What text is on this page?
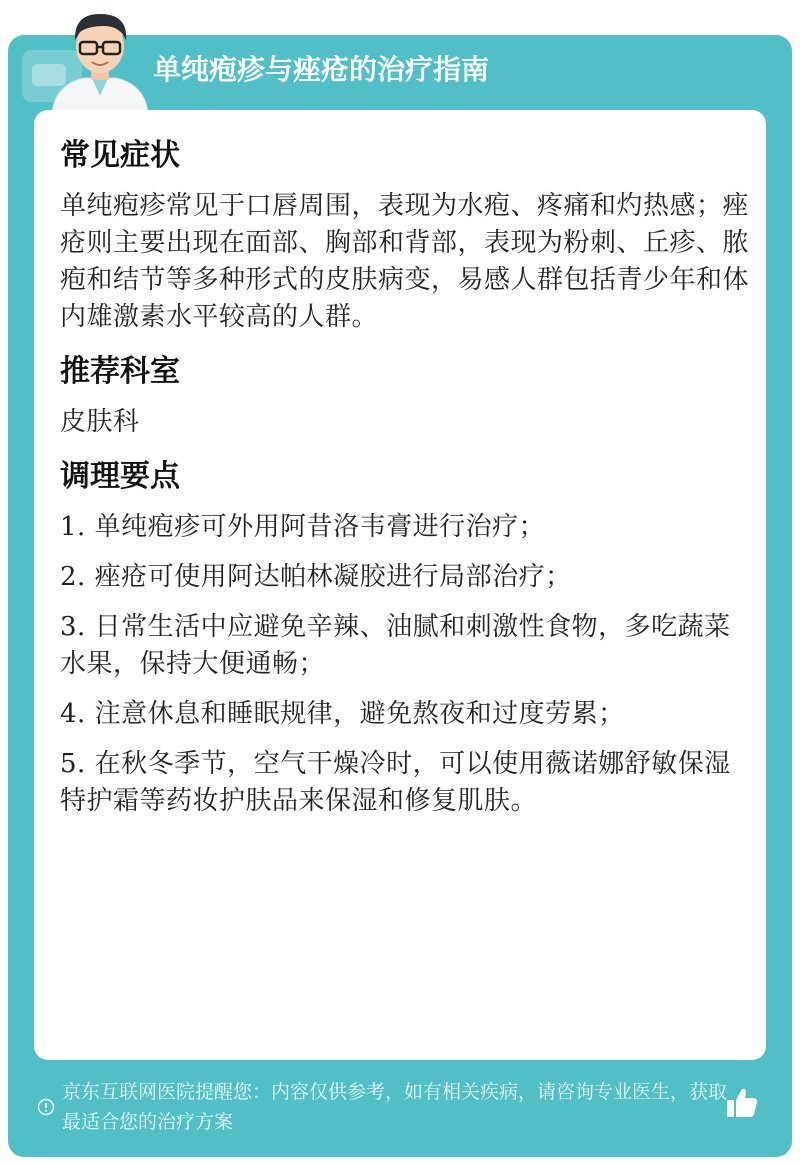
单纯疱疹与痤疮的治疗指南
常见症状
单纯疱疹常见于口唇周围，表现为水疱、疼痛和灼热感；痤疮则主要出现在面部、胸部和背部，表现为粉刺、丘疹、脓疱和结节等多种形式的皮肤病变，易感人群包括青少年和体内雄激素水平较高的人群。
推荐科室
皮肤科
调理要点
1. 单纯疱疹可外用阿昔洛韦膏进行治疗；
2. 痤疮可使用阿达帕林凝胶进行局部治疗；
3. 日常生活中应避免辛辣、油腻和刺激性食物，多吃蔬菜水果，保持大便通畅；
4. 注意休息和睡眠规律，避免熬夜和过度劳累；
5. 在秋冬季节，空气干燥冷时，可以使用薇诺娜舒敏保湿特护霜等药妆护肤品来保湿和修复肌肤。
京东互联网医院提醒您：内容仅供参考，如有相关疾病，请咨询专业医生，获取最适合您的治疗方案
